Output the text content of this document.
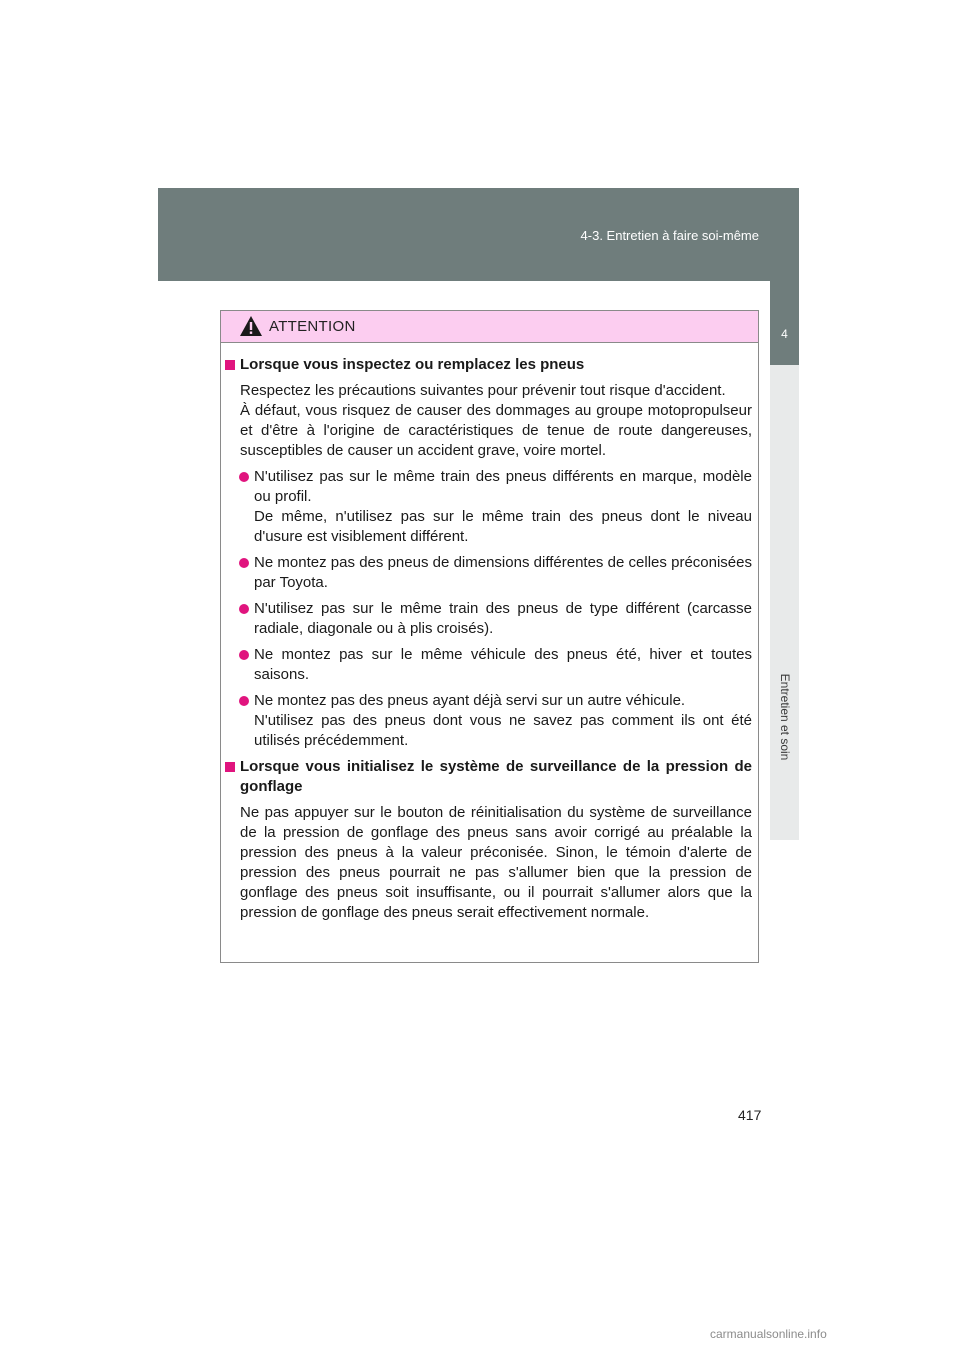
4-3. Entretien à faire soi-même
4
Entretien et soin
ATTENTION
Lorsque vous inspectez ou remplacez les pneus

Respectez les précautions suivantes pour prévenir tout risque d'accident.

À défaut, vous risquez de causer des dommages au groupe motopropulseur et d'être à l'origine de caractéristiques de tenue de route dangereuses, susceptibles de causer un accident grave, voire mortel.

N'utilisez pas sur le même train des pneus différents en marque, modèle ou profil.

De même, n'utilisez pas sur le même train des pneus dont le niveau d'usure est visiblement différent.

Ne montez pas des pneus de dimensions différentes de celles préconisées par Toyota.

N'utilisez pas sur le même train des pneus de type différent (carcasse radiale, diagonale ou à plis croisés).

Ne montez pas sur le même véhicule des pneus été, hiver et toutes saisons.

Ne montez pas des pneus ayant déjà servi sur un autre véhicule.

N'utilisez pas des pneus dont vous ne savez pas comment ils ont été utilisés précédemment.

Lorsque vous initialisez le système de surveillance de la pression de gonflage

Ne pas appuyer sur le bouton de réinitialisation du système de surveillance de la pression de gonflage des pneus sans avoir corrigé au préalable la pression des pneus à la valeur préconisée. Sinon, le témoin d'alerte de pression des pneus pourrait ne pas s'allumer bien que la pression de gonflage des pneus soit insuffisante, ou il pourrait s'allumer alors que la pression de gonflage des pneus serait effectivement normale.

417
carmanualsonline.info
